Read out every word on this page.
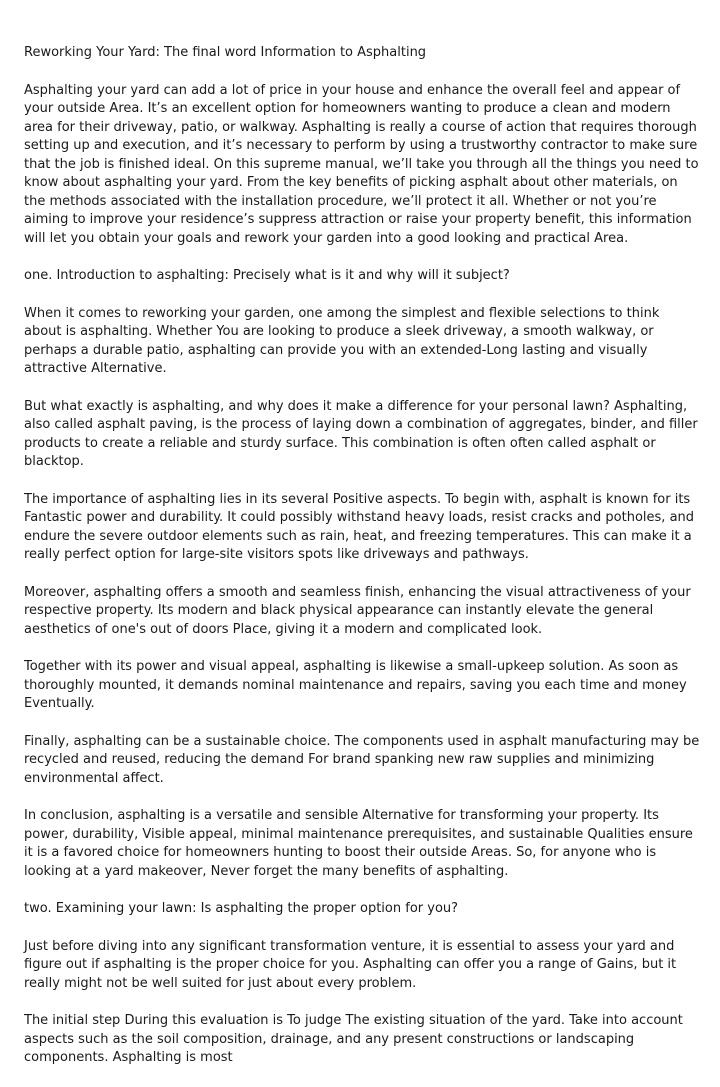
Reworking Your Yard: The final word Information to Asphalting

Asphalting your yard can add a lot of price in your house and enhance the overall feel and appear of your outside Area. It’s an excellent option for homeowners wanting to produce a clean and modern area for their driveway, patio, or walkway. Asphalting is really a course of action that requires thorough setting up and execution, and it’s necessary to perform by using a trustworthy contractor to make sure that the job is finished ideal. On this supreme manual, we’ll take you through all the things you need to know about asphalting your yard. From the key benefits of picking asphalt about other materials, on the methods associated with the installation procedure, we’ll protect it all. Whether or not you’re aiming to improve your residence’s suppress attraction or raise your property benefit, this information will let you obtain your goals and rework your garden into a good looking and practical Area.

one. Introduction to asphalting: Precisely what is it and why will it subject?

When it comes to reworking your garden, one among the simplest and flexible selections to think about is asphalting. Whether You are looking to produce a sleek driveway, a smooth walkway, or perhaps a durable patio, asphalting can provide you with an extended-Long lasting and visually attractive Alternative.

But what exactly is asphalting, and why does it make a difference for your personal lawn? Asphalting, also called asphalt paving, is the process of laying down a combination of aggregates, binder, and filler products to create a reliable and sturdy surface. This combination is often often called asphalt or blacktop.

The importance of asphalting lies in its several Positive aspects. To begin with, asphalt is known for its Fantastic power and durability. It could possibly withstand heavy loads, resist cracks and potholes, and endure the severe outdoor elements such as rain, heat, and freezing temperatures. This can make it a really perfect option for large-site visitors spots like driveways and pathways.

Moreover, asphalting offers a smooth and seamless finish, enhancing the visual attractiveness of your respective property. Its modern and black physical appearance can instantly elevate the general aesthetics of one's out of doors Place, giving it a modern and complicated look.

Together with its power and visual appeal, asphalting is likewise a small-upkeep solution. As soon as thoroughly mounted, it demands nominal maintenance and repairs, saving you each time and money Eventually.

Finally, asphalting can be a sustainable choice. The components used in asphalt manufacturing may be recycled and reused, reducing the demand For brand spanking new raw supplies and minimizing environmental affect.

In conclusion, asphalting is a versatile and sensible Alternative for transforming your property. Its power, durability, Visible appeal, minimal maintenance prerequisites, and sustainable Qualities ensure it is a favored choice for homeowners hunting to boost their outside Areas. So, for anyone who is looking at a yard makeover, Never forget the many benefits of asphalting.

two. Examining your lawn: Is asphalting the proper option for you?

Just before diving into any significant transformation venture, it is essential to assess your yard and figure out if asphalting is the proper choice for you. Asphalting can offer you a range of Gains, but it really might not be well suited for just about every problem.

The initial step During this evaluation is To judge The existing situation of the yard. Take into account aspects such as the soil composition, drainage, and any present constructions or landscaping components. Asphalting is most
